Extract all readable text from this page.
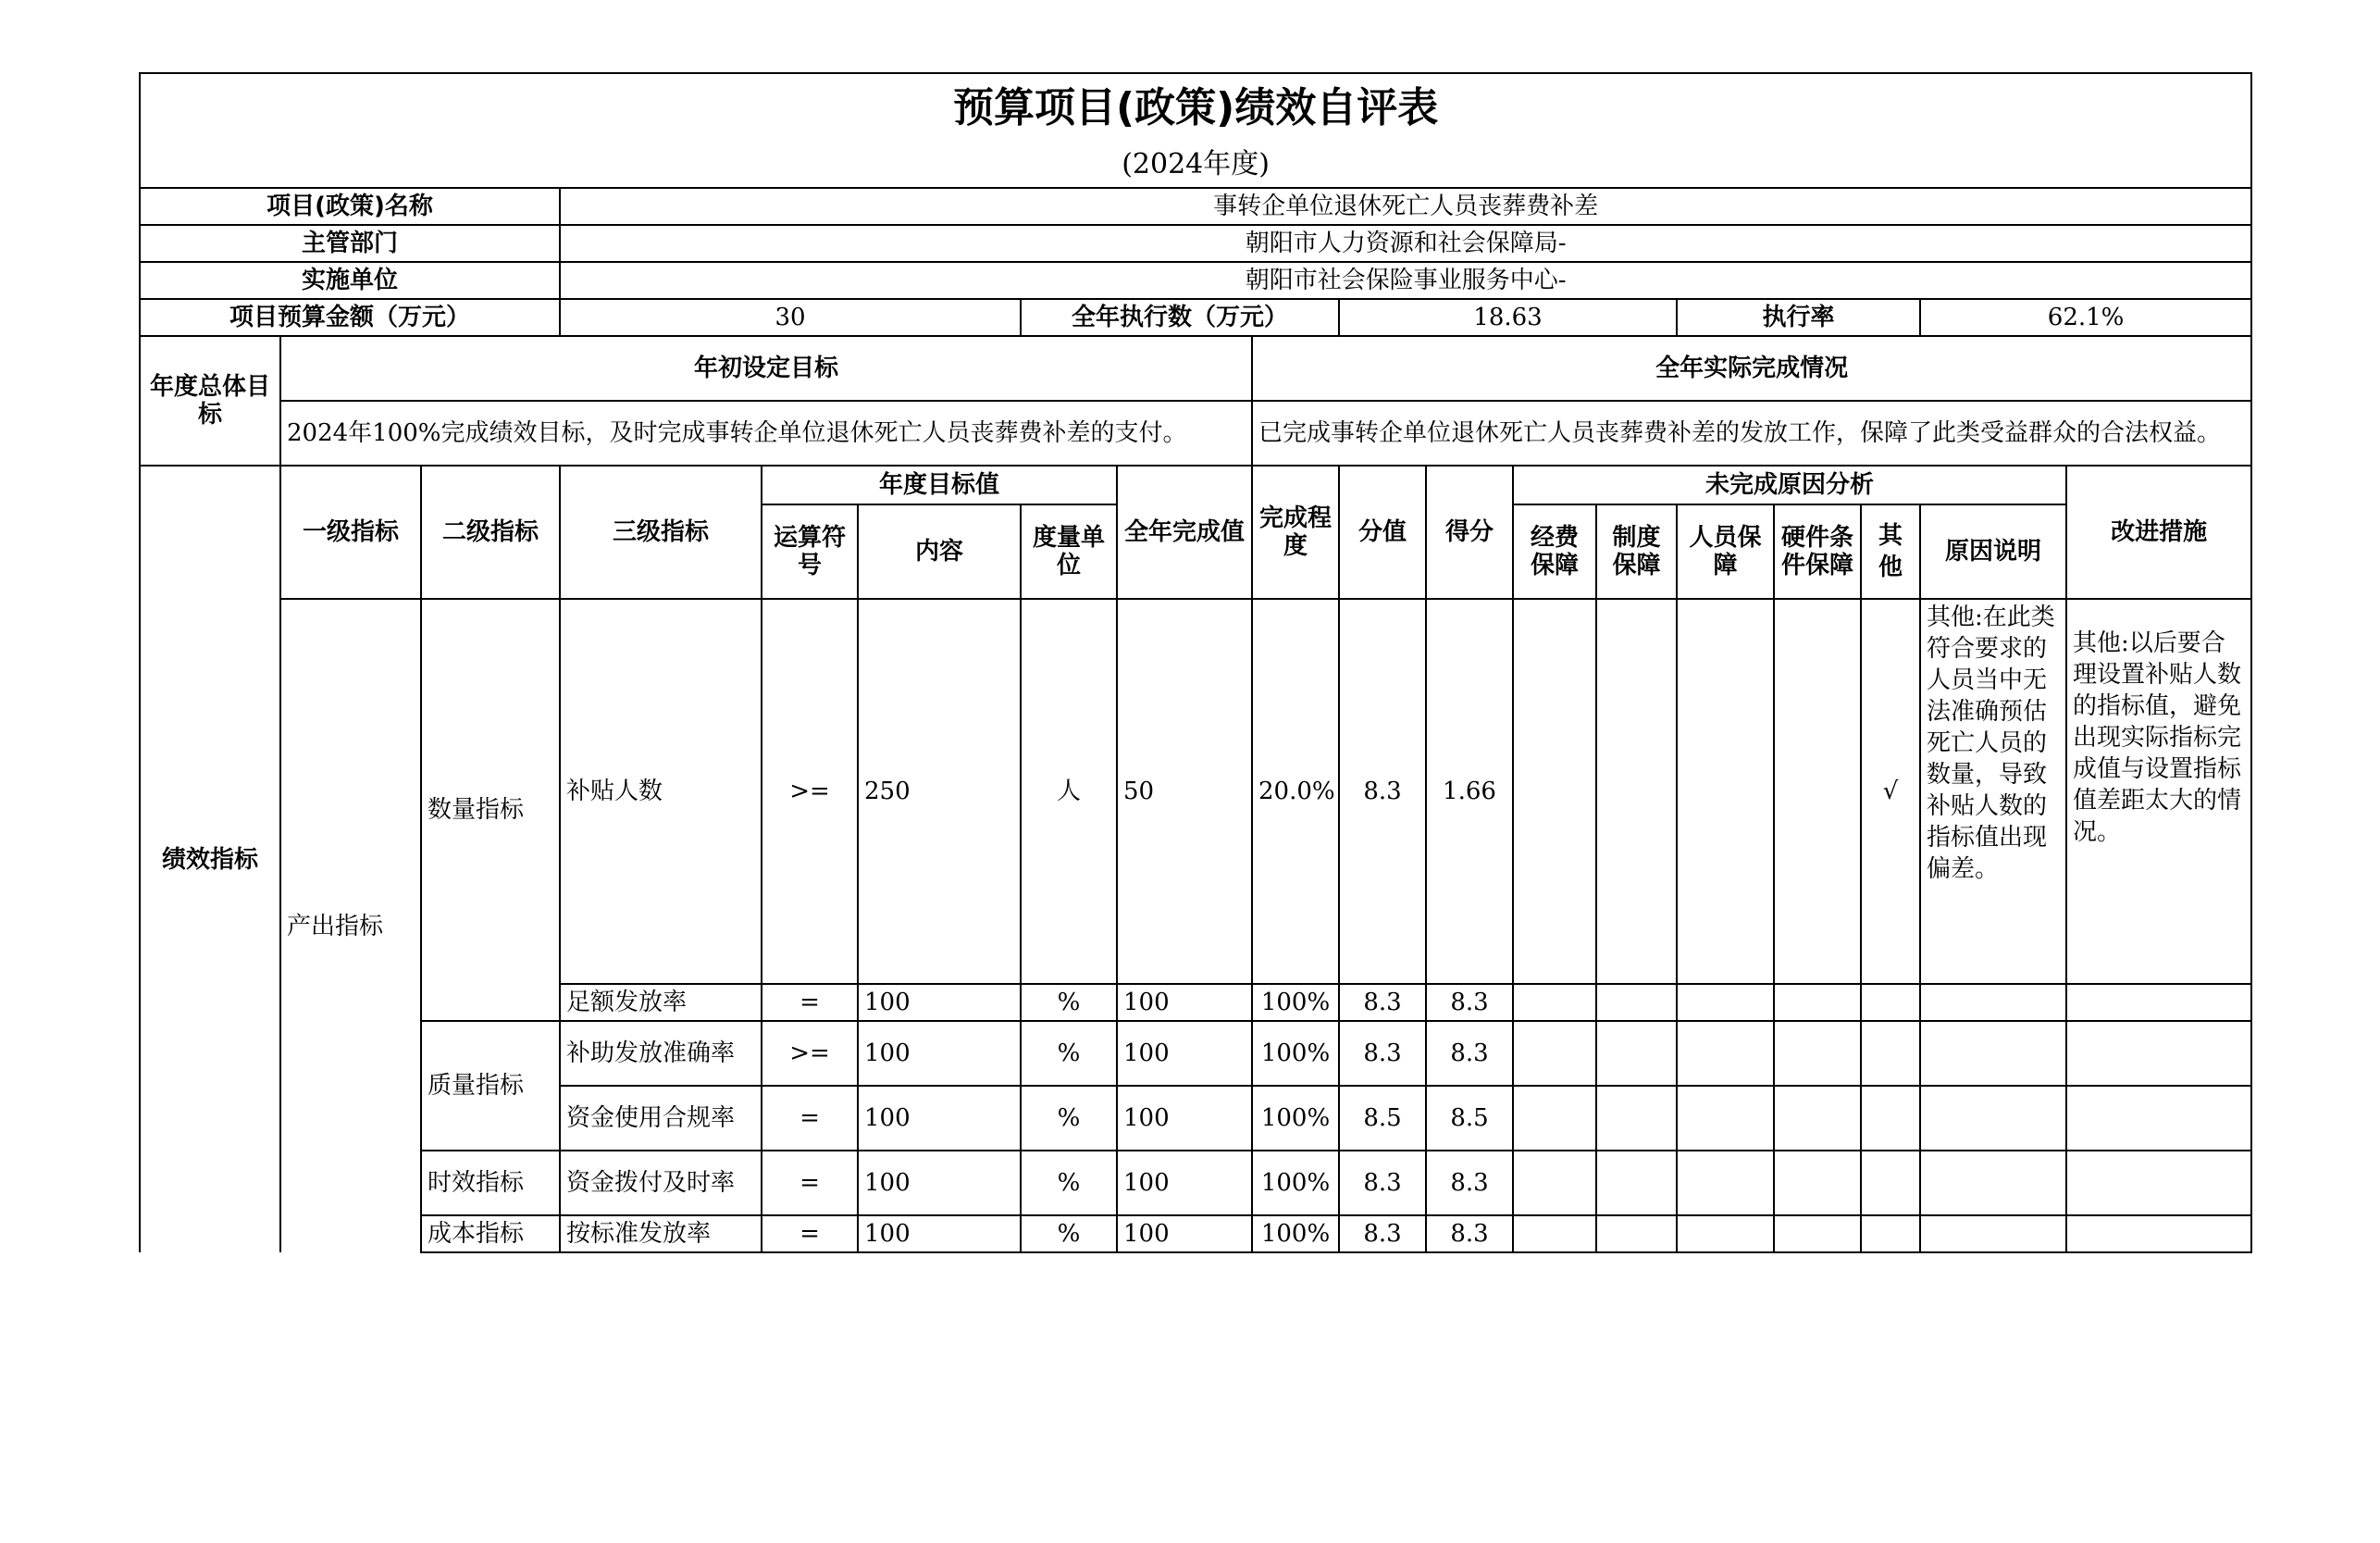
预算项目(政策)绩效自评表																	
(2024年度)																	
项目(政策)名称			事转企单位退休死亡人员丧葬费补差														
主管部门			朝阳市人力资源和社会保障局-														
实施单位			朝阳市社会保险事业服务中心-														
项目预算金额（万元）			30			全年执行数（万元）			18.63				执行率			62.1%	
年度总体目标	年初设定目标							全年实际完成情况									
	2024年100%完成绩效目标，及时完成事转企单位退休死亡人员丧葬费补差的支付。							已完成事转企单位退休死亡人员丧葬费补差的发放工作，保障了此类受益群众的合法权益。									
绩效指标	一级指标	二级指标	三级指标	年度目标值			全年完成值	完成程度	分值	得分	未完成原因分析						改进措施
				运算符号	内容	度量单位					经费保障	制度保障	人员保障	硬件条件保障	其他	原因说明	
	产出指标	数量指标	补贴人数	>=	250	人	50	20.0%	8.3	1.66					√	其他:在此类符合要求的人员当中无法准确预估死亡人员的数量，导致补贴人数的指标值出现偏差。	其他:以后要合理设置补贴人数的指标值，避免出现实际指标完成值与设置指标值差距太大的情况。
			足额发放率	=	100	%	100	100%	8.3	8.3							
		质量指标	补助发放准确率	>=	100	%	100	100%	8.3	8.3							
			资金使用合规率	=	100	%	100	100%	8.5	8.5							
		时效指标	资金拨付及时率	=	100	%	100	100%	8.3	8.3							
		成本指标	按标准发放率	=	100	%	100	100%	8.3	8.3							
